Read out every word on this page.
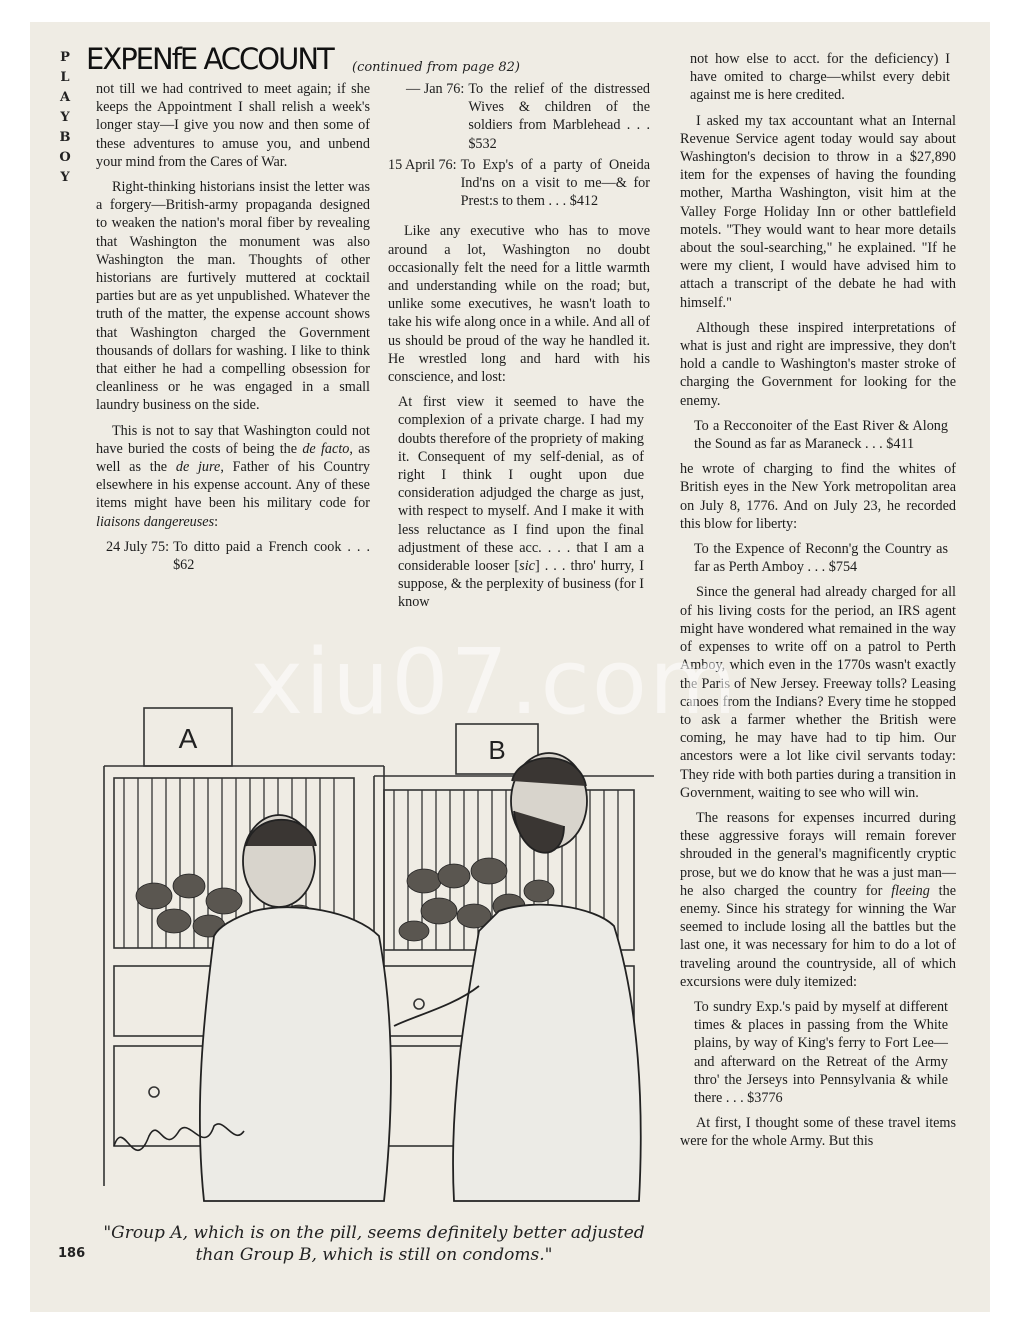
P
L
A
Y
B
O
Y
EXPENfE ACCOUNT (continued from page 82)

not till we had contrived to meet again; if she keeps the Appointment I shall relish a week's longer stay—I give you now and then some of these adventures to amuse you, and unbend your mind from the Cares of War.

Right-thinking historians insist the letter was a forgery—British-army propaganda designed to weaken the nation's moral fiber by revealing that Washington the monument was also Washington the man. Thoughts of other historians are furtively muttered at cocktail parties but are as yet unpublished. Whatever the truth of the matter, the expense account shows that Washington charged the Government thousands of dollars for washing. I like to think that either he had a compelling obsession for cleanliness or he was engaged in a small laundry business on the side.

This is not to say that Washington could not have buried the costs of being the de facto, as well as the de jure, Father of his Country elsewhere in his expense account. Any of these items might have been his military code for liaisons dangereuses:

24 July 75: To ditto paid a French cook . . . $62
— Jan 76: To the relief of the distressed Wives & children of the soldiers from Marblehead . . . $532
15 April 76: To Exp's of a party of Oneida Ind'ns on a visit to me—& for Prest:s to them . . . $412

Like any executive who has to move around a lot, Washington no doubt occasionally felt the need for a little warmth and understanding while on the road; but, unlike some executives, he wasn't loath to take his wife along once in a while. And all of us should be proud of the way he handled it. He wrestled long and hard with his conscience, and lost:

At first view it seemed to have the complexion of a private charge. I had my doubts therefore of the propriety of making it. Consequent of my self-denial, as of right I think I ought upon due consideration adjudged the charge as just, with respect to myself. And I make it with less reluctance as I find upon the final adjustment of these acc. . . . that I am a considerable looser [sic] . . . thro' hurry, I suppose, & the perplexity of business (for I know

not how else to acct. for the deficiency) I have omited to charge—whilst every debit against me is here credited.

I asked my tax accountant what an Internal Revenue Service agent today would say about Washington's decision to throw in a $27,890 item for the expenses of having the founding mother, Martha Washington, visit him at the Valley Forge Holiday Inn or other battlefield motels. "They would want to hear more details about the soul-searching," he explained. "If he were my client, I would have advised him to attach a transcript of the debate he had with himself."

Although these inspired interpretations of what is just and right are impressive, they don't hold a candle to Washington's master stroke of charging the Government for looking for the enemy.

To a Recconoiter of the East River & Along the Sound as far as Maraneck . . . $411

he wrote of charging to find the whites of British eyes in the New York metropolitan area on July 8, 1776. And on July 23, he recorded this blow for liberty:

To the Expence of Reconn'g the Country as far as Perth Amboy . . . $754

Since the general had already charged for all of his living costs for the period, an IRS agent might have wondered what remained in the way of expenses to write off on a patrol to Perth Amboy, which even in the 1770s wasn't exactly the Paris of New Jersey. Freeway tolls? Leasing canoes from the Indians? Every time he stopped to ask a farmer whether the British were coming, he may have had to tip him. Our ancestors were a lot like civil servants today: They ride with both parties during a transition in Government, waiting to see who will win.

The reasons for expenses incurred during these aggressive forays will remain forever shrouded in the general's magnificently cryptic prose, but we do know that he was a just man—he also charged the country for fleeing the enemy. Since his strategy for winning the War seemed to include losing all the battles but the last one, it was necessary for him to do a lot of traveling around the countryside, all of which excursions were duly itemized:

To sundry Exp.'s paid by myself at different times & places in passing from the White plains, by way of King's ferry to Fort Lee—and afterward on the Retreat of the Army thro' the Jerseys into Pennsylvania & while there . . . $3776

At first, I thought some of these travel items were for the whole Army. But this

A	B
"Group A, which is on the pill, seems definitely better adjusted than Group B, which is still on condoms."
186
xiu07.com
